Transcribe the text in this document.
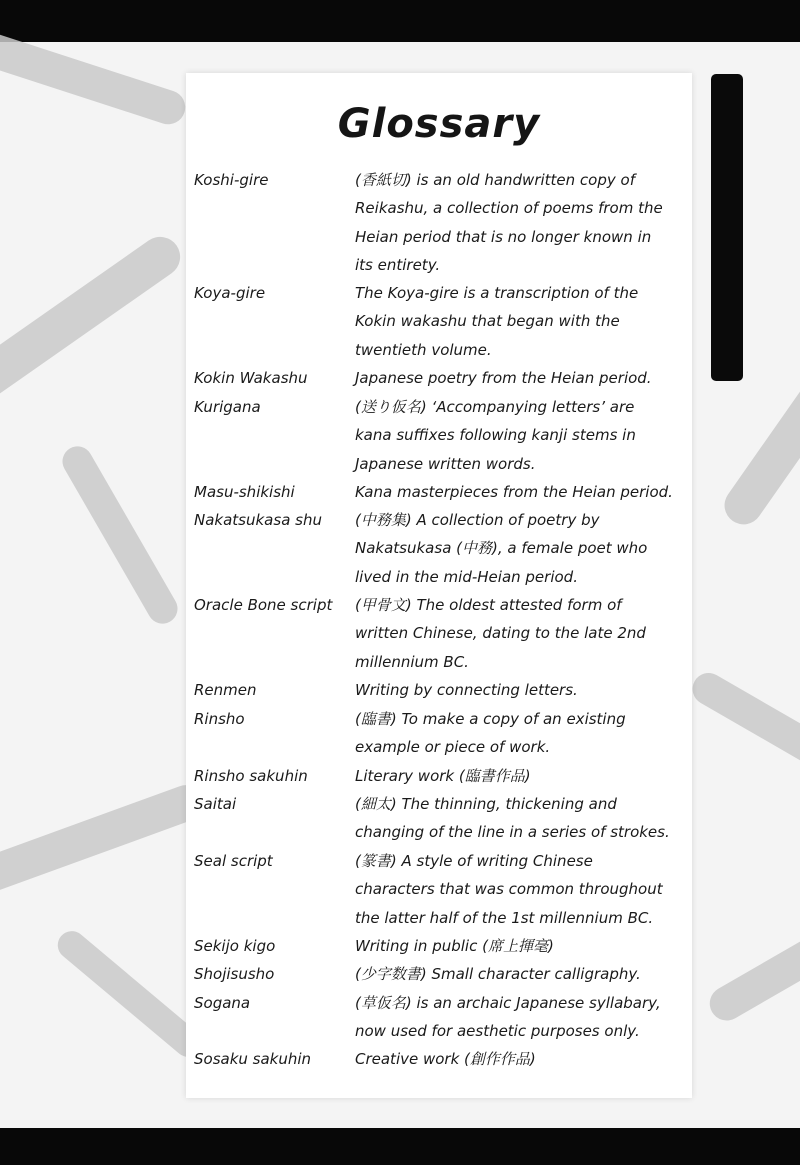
Glossary
Koshi-gire	(香紙切) is an old handwritten copy of
Reikashu, a collection of poems from the
Heian period that is no longer known in
its entirety.
Koya-gire	The Koya-gire is a transcription of the
Kokin wakashu that began with the
twentieth volume.
Kokin Wakashu	Japanese poetry from the Heian period.
Kurigana	(送り仮名) ‘Accompanying letters’ are
kana suffixes following kanji stems in
Japanese written words.
Masu-shikishi	Kana masterpieces from the Heian period.
Nakatsukasa shu	(中務集) A collection of poetry by
Nakatsukasa (中務), a female poet who
lived in the mid-Heian period.
Oracle Bone script	(甲骨文) The oldest attested form of
written Chinese, dating to the late 2nd
millennium BC.
Renmen	Writing by connecting letters.
Rinsho	(臨書) To make a copy of an existing
example or piece of work.
Rinsho sakuhin	Literary work (臨書作品)
Saitai	(細太) The thinning, thickening and
changing of the line in a series of strokes.
Seal script	(篆書) A style of writing Chinese
characters that was common throughout
the latter half of the 1st millennium BC.
Sekijo kigo	Writing in public (席上揮毫)
Shojisusho	(少字数書) Small character calligraphy.
Sogana	(草仮名) is an archaic Japanese syllabary,
now used for aesthetic purposes only.
Sosaku sakuhin	Creative work (創作作品)
